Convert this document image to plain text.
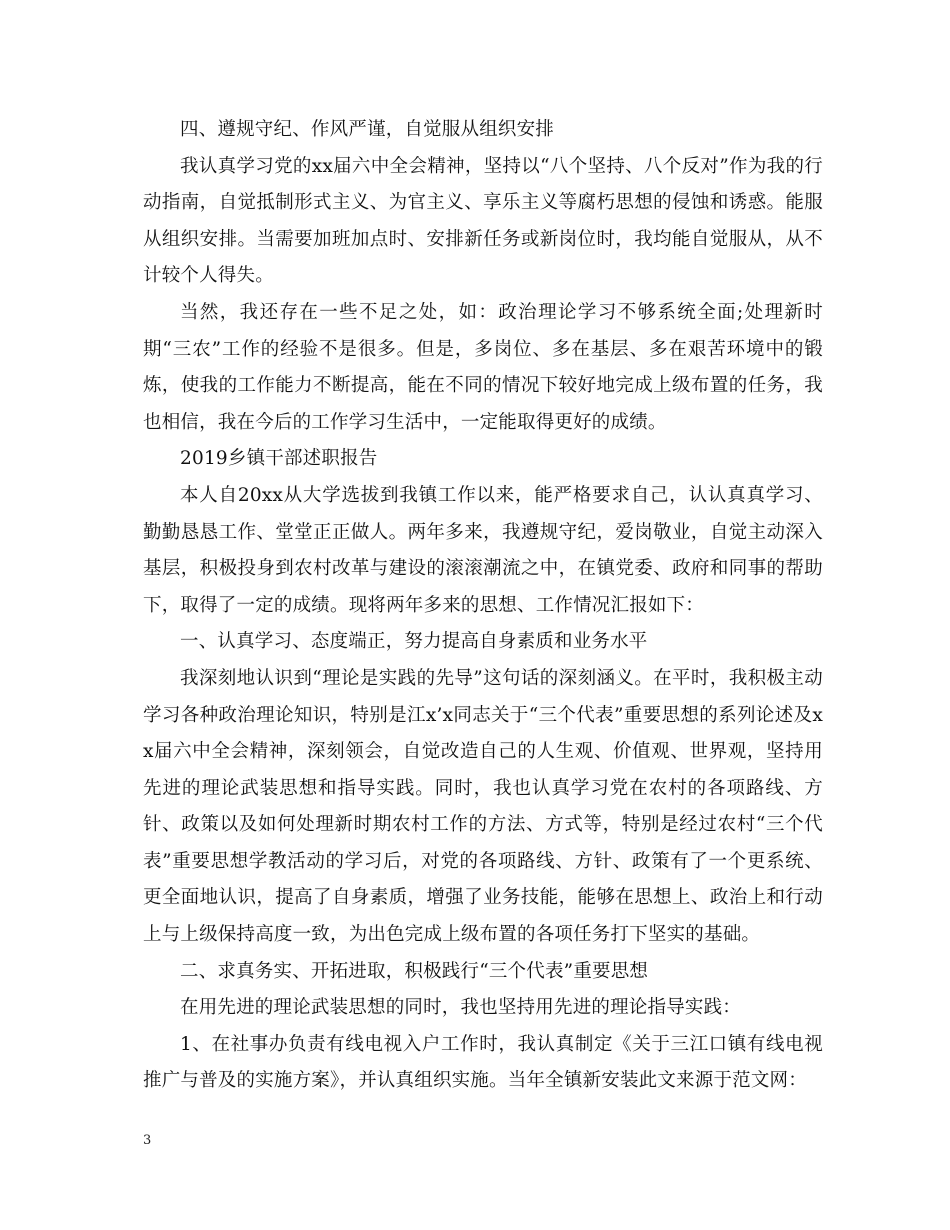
四、遵规守纪、作风严谨，自觉服从组织安排

我认真学习党的xx届六中全会精神，坚持以“八个坚持、八个反对”作为我的行动指南，自觉抵制形式主义、为官主义、享乐主义等腐朽思想的侵蚀和诱惑。能服从组织安排。当需要加班加点时、安排新任务或新岗位时，我均能自觉服从，从不计较个人得失。

当然，我还存在一些不足之处，如：政治理论学习不够系统全面;处理新时期“三农”工作的经验不是很多。但是，多岗位、多在基层、多在艰苦环境中的锻炼，使我的工作能力不断提高，能在不同的情况下较好地完成上级布置的任务，我也相信，我在今后的工作学习生活中，一定能取得更好的成绩。

2019乡镇干部述职报告

本人自20xx从大学选拔到我镇工作以来，能严格要求自己，认认真真学习、勤勤恳恳工作、堂堂正正做人。两年多来，我遵规守纪，爱岗敬业，自觉主动深入基层，积极投身到农村改革与建设的滚滚潮流之中，在镇党委、政府和同事的帮助下，取得了一定的成绩。现将两年多来的思想、工作情况汇报如下：

一、认真学习、态度端正，努力提高自身素质和业务水平

我深刻地认识到“理论是实践的先导”这句话的深刻涵义。在平时，我积极主动学习各种政治理论知识，特别是江x’x同志关于“三个代表”重要思想的系列论述及xx届六中全会精神，深刻领会，自觉改造自己的人生观、价值观、世界观，坚持用先进的理论武装思想和指导实践。同时，我也认真学习党在农村的各项路线、方针、政策以及如何处理新时期农村工作的方法、方式等，特别是经过农村“三个代表”重要思想学教活动的学习后，对党的各项路线、方针、政策有了一个更系统、更全面地认识，提高了自身素质，增强了业务技能，能够在思想上、政治上和行动上与上级保持高度一致，为出色完成上级布置的各项任务打下坚实的基础。

二、求真务实、开拓进取，积极践行“三个代表”重要思想

在用先进的理论武装思想的同时，我也坚持用先进的理论指导实践：

1、在社事办负责有线电视入户工作时，我认真制定《关于三江口镇有线电视推广与普及的实施方案》，并认真组织实施。当年全镇新安装此文来源于范文网：

3
